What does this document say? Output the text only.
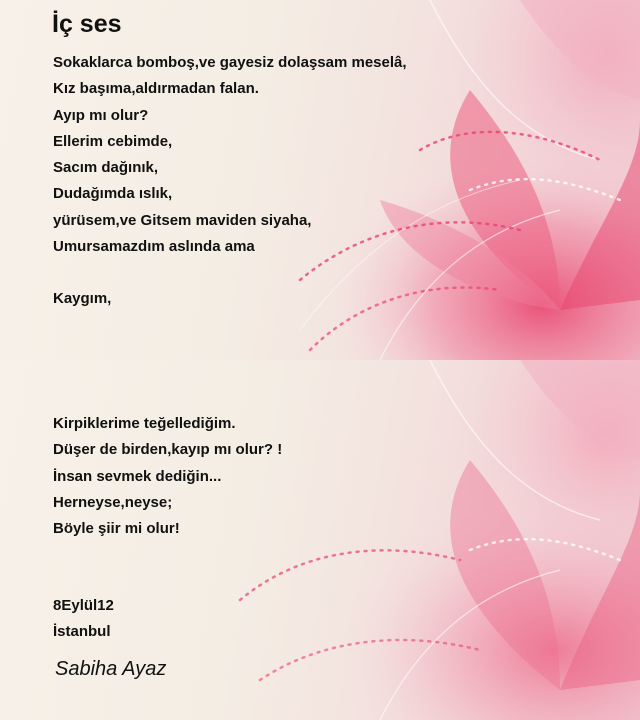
İç ses
Sokaklarca bomboş,ve gayesiz dolaşsam meselâ,
Kız başıma,aldırmadan falan.
Ayıp mı olur?
Ellerim cebimde,
Sacım dağınık,
Dudağımda ıslık,
yürüsem,ve Gitsem maviden siyaha,
Umursamazdım aslında ama
Kaygım,
Kirpiklerime teğellediğim.
Düşer de birden,kayıp mı olur? !
İnsan sevmek dediğin...
Herneyse,neyse;
Böyle şiir mi olur!
8Eylül12
İstanbul
Sabiha Ayaz
